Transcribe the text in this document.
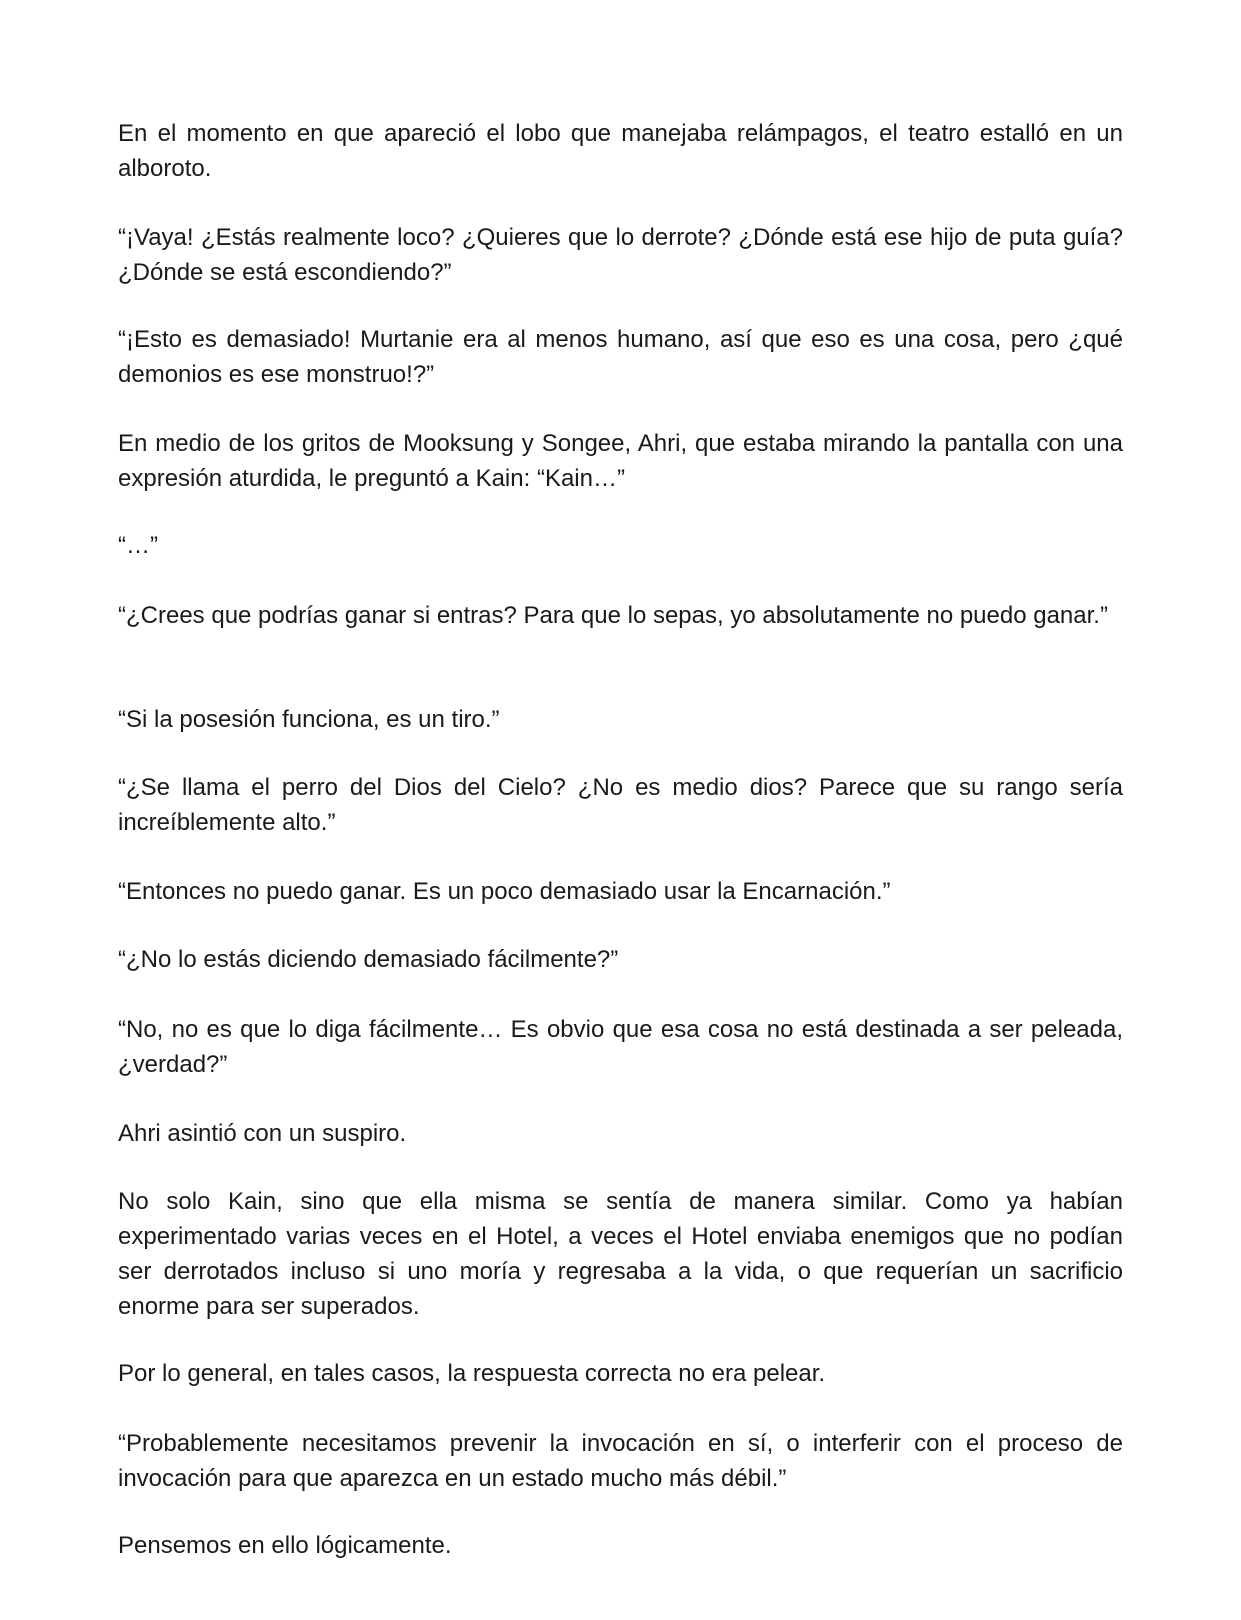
En el momento en que apareció el lobo que manejaba relámpagos, el teatro estalló en un alboroto.

“¡Vaya! ¿Estás realmente loco? ¿Quieres que lo derrote? ¿Dónde está ese hijo de puta guía? ¿Dónde se está escondiendo?”

“¡Esto es demasiado! Murtanie era al menos humano, así que eso es una cosa, pero ¿qué demonios es ese monstruo!?”

En medio de los gritos de Mooksung y Songee, Ahri, que estaba mirando la pantalla con una expresión aturdida, le preguntó a Kain: “Kain…”

“…”

“¿Crees que podrías ganar si entras? Para que lo sepas, yo absolutamente no puedo ganar.”

“Si la posesión funciona, es un tiro.”

“¿Se llama el perro del Dios del Cielo? ¿No es medio dios? Parece que su rango sería increíblemente alto.”

“Entonces no puedo ganar. Es un poco demasiado usar la Encarnación.”

“¿No lo estás diciendo demasiado fácilmente?”

“No, no es que lo diga fácilmente… Es obvio que esa cosa no está destinada a ser peleada, ¿verdad?”

Ahri asintió con un suspiro.

No solo Kain, sino que ella misma se sentía de manera similar. Como ya habían experimentado varias veces en el Hotel, a veces el Hotel enviaba enemigos que no podían ser derrotados incluso si uno moría y regresaba a la vida, o que requerían un sacrificio enorme para ser superados.

Por lo general, en tales casos, la respuesta correcta no era pelear.

“Probablemente necesitamos prevenir la invocación en sí, o interferir con el proceso de invocación para que aparezca en un estado mucho más débil.”

Pensemos en ello lógicamente.
